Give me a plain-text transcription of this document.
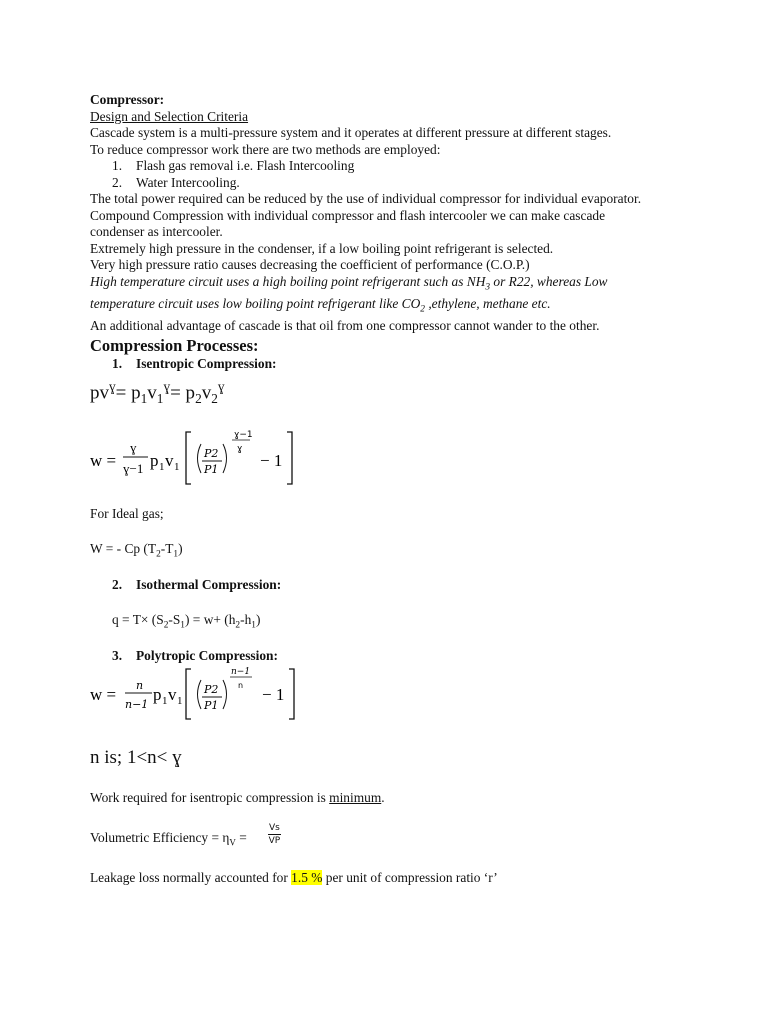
Compressor:
Design and Selection Criteria
Cascade system is a multi-pressure system and it operates at different pressure at different stages.
To reduce compressor work there are two methods are employed:
1. Flash gas removal i.e. Flash Intercooling
2. Water Intercooling.
The total power required can be reduced by the use of individual compressor for individual evaporator.
Compound Compression with individual compressor and flash intercooler we can make cascade
condenser as intercooler.
Extremely high pressure in the condenser, if a low boiling point refrigerant is selected.
Very high pressure ratio causes decreasing the coefficient of performance (C.O.P.)
High temperature circuit uses a high boiling point refrigerant such as $NH_3$ or R22, whereas Low
temperature circuit uses low boiling point refrigerant like $CO_2$ ,ethylene, methane etc.
An additional advantage of cascade is that oil from one compressor cannot wander to the other.
Compression Processes:
1. Isentropic Compression:
$pv^ɣ= p_1v_1^ɣ= p_2v_2^ɣ$
w =
ɣ
ɣ−1 p 1 v 1
P2
P1
ɣ−1
ɣ
− 1
For Ideal gas;
W = - Cp $(T_2-T_1)$
2. Isothermal Compression:
$q = T\times (S_2-S_1) = w+ (h_2-h_1)$
3. Polytropic Compression:
w = n
n−1
p 1 v 1
P2
P1
n−1
n − 1
n is; 1<n< ɣ
Work required for isentropic compression is minimum.
Volumetric Efficiency = $\eta_V$ =
Vs
VP
Leakage loss normally accounted for 1.5 % per unit of compression ratio ‘r’
